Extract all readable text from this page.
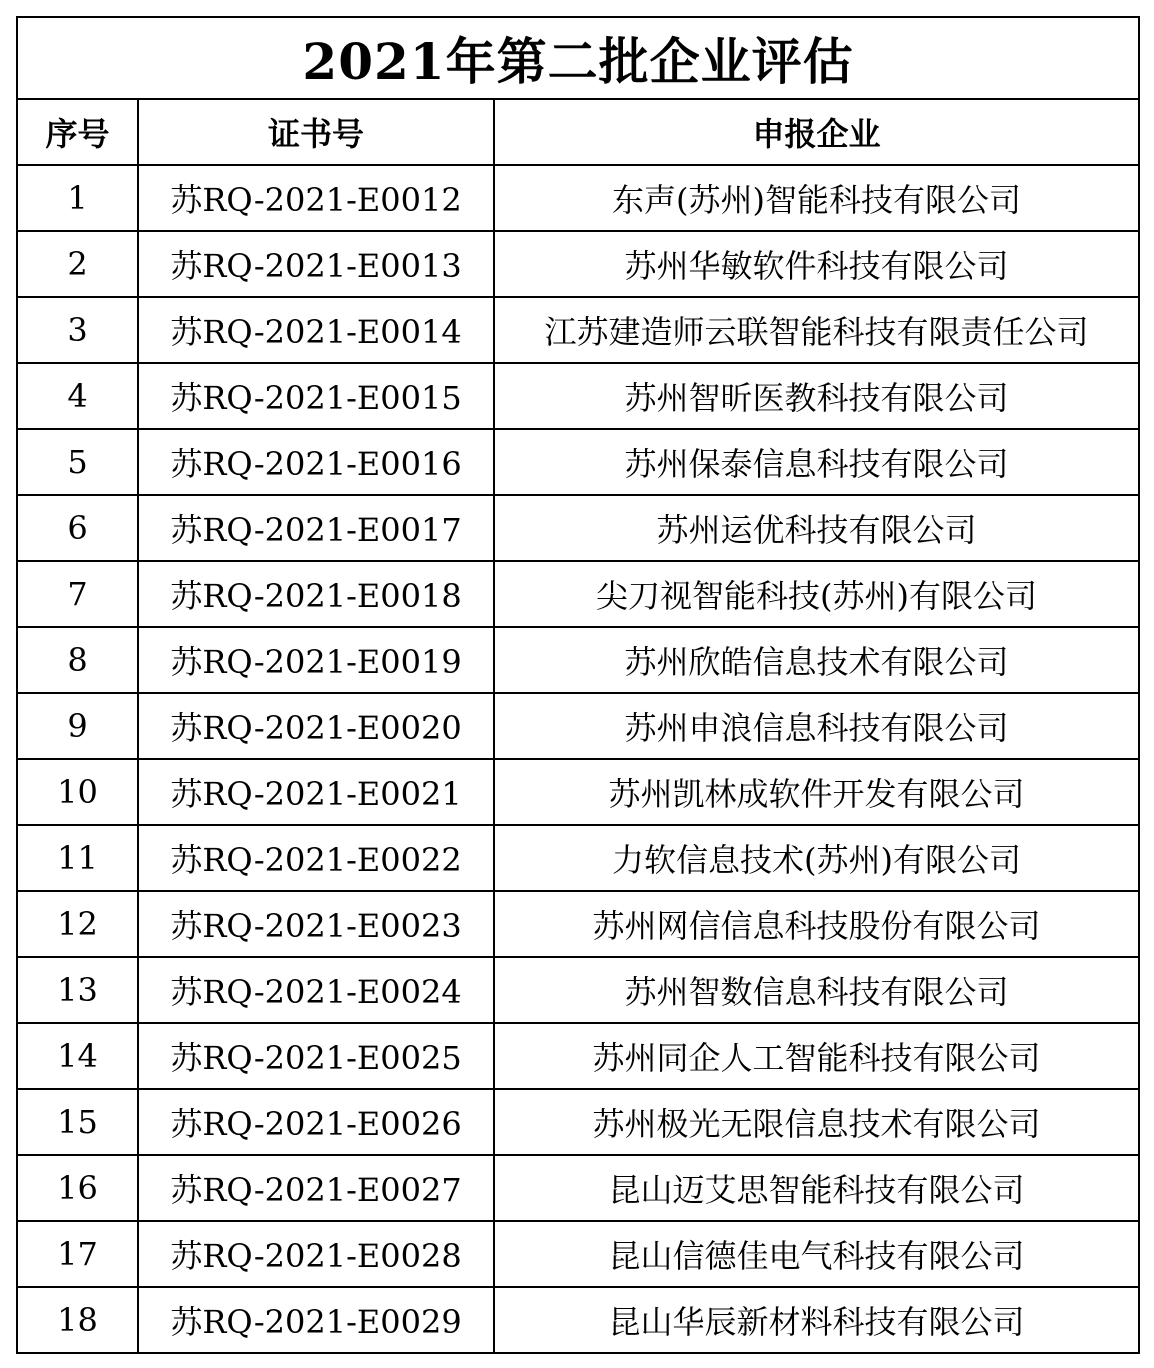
2021年第二批企业评估		
序号	证书号	申报企业
1	苏RQ-2021-E0012	东声(苏州)智能科技有限公司
2	苏RQ-2021-E0013	苏州华敏软件科技有限公司
3	苏RQ-2021-E0014	江苏建造师云联智能科技有限责任公司
4	苏RQ-2021-E0015	苏州智昕医教科技有限公司
5	苏RQ-2021-E0016	苏州保泰信息科技有限公司
6	苏RQ-2021-E0017	苏州运优科技有限公司
7	苏RQ-2021-E0018	尖刀视智能科技(苏州)有限公司
8	苏RQ-2021-E0019	苏州欣皓信息技术有限公司
9	苏RQ-2021-E0020	苏州申浪信息科技有限公司
10	苏RQ-2021-E0021	苏州凯林成软件开发有限公司
11	苏RQ-2021-E0022	力软信息技术(苏州)有限公司
12	苏RQ-2021-E0023	苏州网信信息科技股份有限公司
13	苏RQ-2021-E0024	苏州智数信息科技有限公司
14	苏RQ-2021-E0025	苏州同企人工智能科技有限公司
15	苏RQ-2021-E0026	苏州极光无限信息技术有限公司
16	苏RQ-2021-E0027	昆山迈艾思智能科技有限公司
17	苏RQ-2021-E0028	昆山信德佳电气科技有限公司
18	苏RQ-2021-E0029	昆山华辰新材料科技有限公司
